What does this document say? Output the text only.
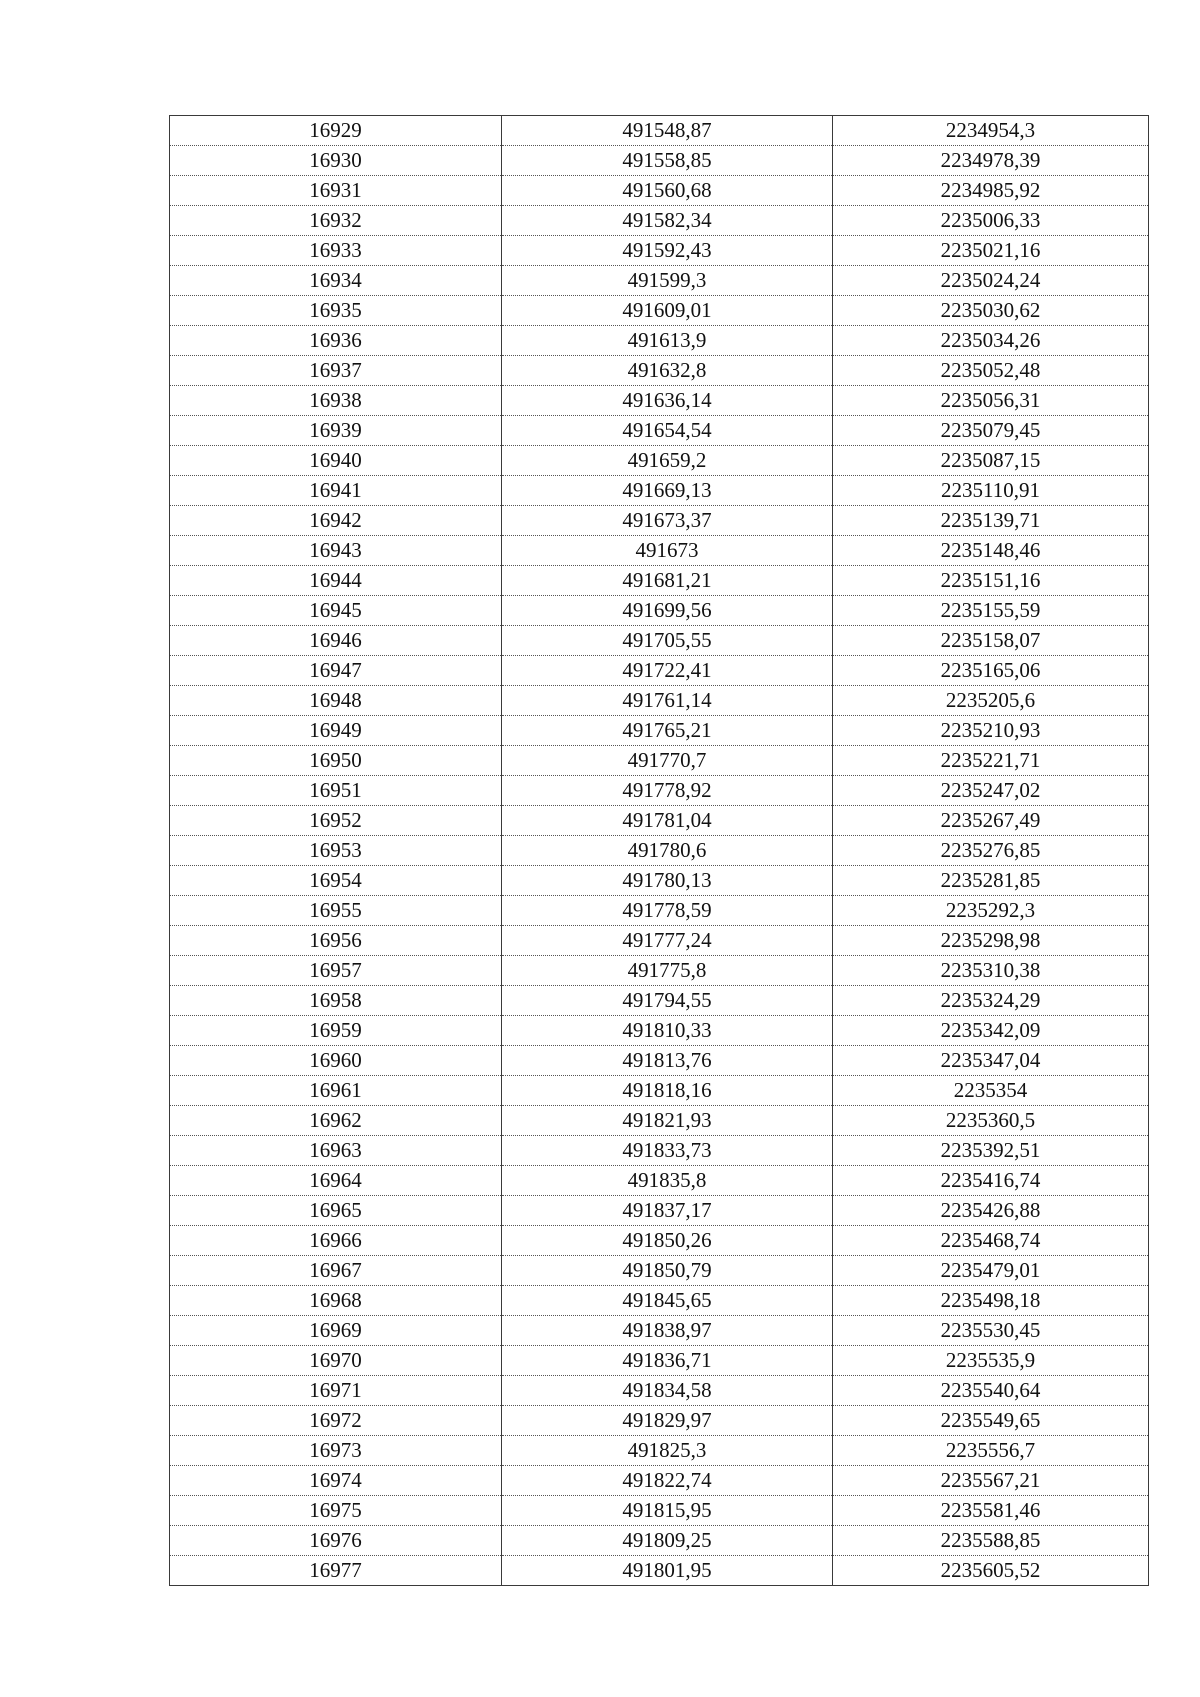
16929	491548,87	2234954,3
16930	491558,85	2234978,39
16931	491560,68	2234985,92
16932	491582,34	2235006,33
16933	491592,43	2235021,16
16934	491599,3	2235024,24
16935	491609,01	2235030,62
16936	491613,9	2235034,26
16937	491632,8	2235052,48
16938	491636,14	2235056,31
16939	491654,54	2235079,45
16940	491659,2	2235087,15
16941	491669,13	2235110,91
16942	491673,37	2235139,71
16943	491673	2235148,46
16944	491681,21	2235151,16
16945	491699,56	2235155,59
16946	491705,55	2235158,07
16947	491722,41	2235165,06
16948	491761,14	2235205,6
16949	491765,21	2235210,93
16950	491770,7	2235221,71
16951	491778,92	2235247,02
16952	491781,04	2235267,49
16953	491780,6	2235276,85
16954	491780,13	2235281,85
16955	491778,59	2235292,3
16956	491777,24	2235298,98
16957	491775,8	2235310,38
16958	491794,55	2235324,29
16959	491810,33	2235342,09
16960	491813,76	2235347,04
16961	491818,16	2235354
16962	491821,93	2235360,5
16963	491833,73	2235392,51
16964	491835,8	2235416,74
16965	491837,17	2235426,88
16966	491850,26	2235468,74
16967	491850,79	2235479,01
16968	491845,65	2235498,18
16969	491838,97	2235530,45
16970	491836,71	2235535,9
16971	491834,58	2235540,64
16972	491829,97	2235549,65
16973	491825,3	2235556,7
16974	491822,74	2235567,21
16975	491815,95	2235581,46
16976	491809,25	2235588,85
16977	491801,95	2235605,52
